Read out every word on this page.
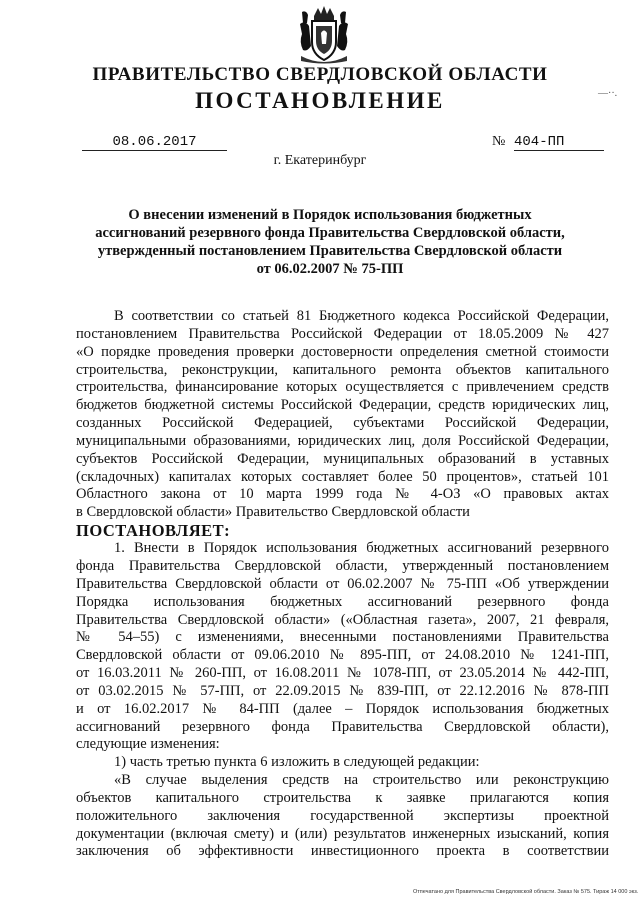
ПРАВИТЕЛЬСТВО СВЕРДЛОВСКОЙ ОБЛАСТИ
ПОСТАНОВЛЕНИЕ	—··.
08.06.2017	№ 404-ПП
г. Екатеринбург
О внесении изменений в Порядок использования бюджетных
ассигнований резервного фонда Правительства Свердловской области,
утвержденный постановлением Правительства Свердловской области
от 06.02.2007 № 75-ПП

В соответствии со статьей 81 Бюджетного кодекса Российской Федерации,

постановлением Правительства Российской Федерации от 18.05.2009 № 427

«О порядке проведения проверки достоверности определения сметной стоимости

строительства, реконструкции, капитального ремонта объектов капитального

строительства, финансирование которых осуществляется с привлечением средств

бюджетов бюджетной системы Российской Федерации, средств юридических лиц,

созданных Российской Федерацией, субъектами Российской Федерации,

муниципальными образованиями, юридических лиц, доля Российской Федерации,

субъектов Российской Федерации, муниципальных образований в уставных

(складочных) капиталах которых составляет более 50 процентов», статьей 101

Областного закона от 10 марта 1999 года № 4-ОЗ «О правовых актах

в Свердловской области» Правительство Свердловской области

ПОСТАНОВЛЯЕТ:

1. Внести в Порядок использования бюджетных ассигнований резервного

фонда Правительства Свердловской области, утвержденный постановлением

Правительства Свердловской области от 06.02.2007 № 75-ПП «Об утверждении

Порядка использования бюджетных ассигнований резервного фонда

Правительства Свердловской области» («Областная газета», 2007, 21 февраля,

№ 54–55) с изменениями, внесенными постановлениями Правительства

Свердловской области от 09.06.2010 № 895-ПП, от 24.08.2010 № 1241-ПП,

от 16.03.2011 № 260-ПП, от 16.08.2011 № 1078-ПП, от 23.05.2014 № 442-ПП,

от 03.02.2015 № 57-ПП, от 22.09.2015 № 839-ПП, от 22.12.2016 № 878-ПП

и от 16.02.2017 № 84-ПП (далее – Порядок использования бюджетных

ассигнований резервного фонда Правительства Свердловской области),

следующие изменения:

1) часть третью пункта 6 изложить в следующей редакции:

«В случае выделения средств на строительство или реконструкцию

объектов капитального строительства к заявке прилагаются копия

положительного заключения государственной экспертизы проектной

документации (включая смету) и (или) результатов инженерных изысканий, копия

заключения об эффективности инвестиционного проекта в соответствии

Отпечатано для Правительства Свердловской области. Заказ № 575. Тираж 14 000 экз.
